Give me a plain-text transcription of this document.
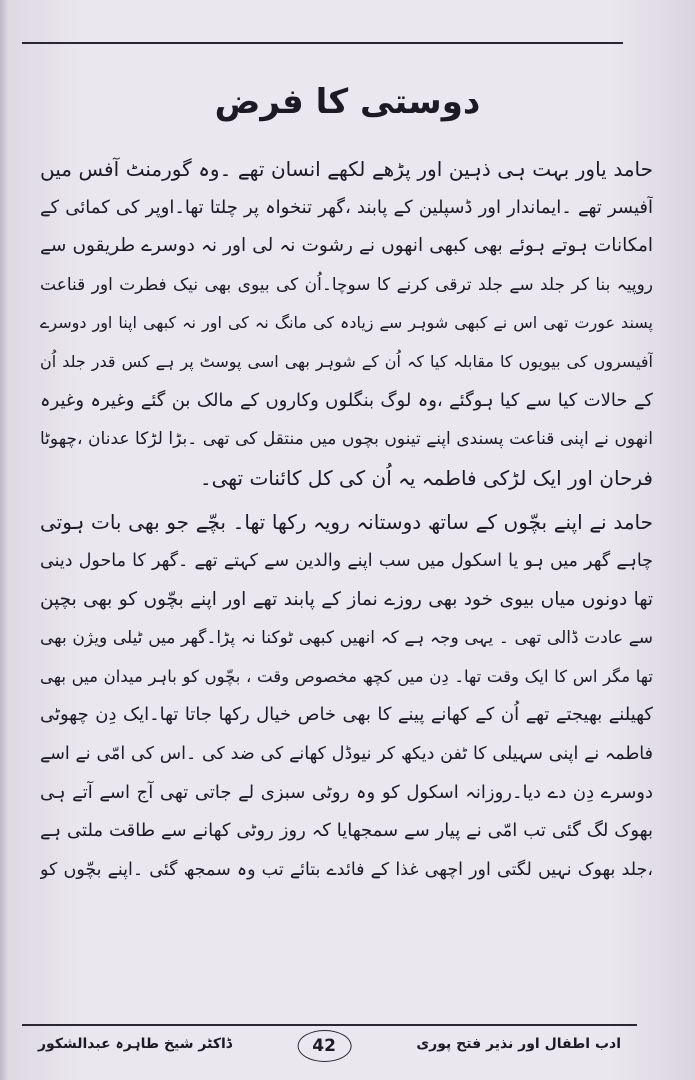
دوستی کا فرض
حامد یاور بہت ہی ذہین اور پڑھے لکھے انسان تھے ۔وہ گورمنٹ آفس میں
آفیسر تھے ۔ایماندار اور ڈسپلین کے پابند ،گھر تنخواہ پر چلتا تھا۔اوپر کی کمائی کے
امکانات ہوتے ہوئے بھی کبھی انھوں نے رشوت نہ لی اور نہ دوسرے طریقوں سے
روپیہ بنا کر جلد سے جلد ترقی کرنے کا سوچا۔اُن کی بیوی بھی نیک فطرت اور قناعت
پسند عورت تھی اس نے کبھی شوہر سے زیادہ کی مانگ نہ کی اور نہ کبھی اپنا اور دوسرے
آفیسروں کی بیویوں کا مقابلہ کیا کہ اُن کے شوہر بھی اسی پوسٹ پر ہے کس قدر جلد اُن
کے حالات کیا سے کیا ہوگئے ،وہ لوگ بنگلوں وکاروں کے مالک بن گئے وغیرہ وغیرہ
انھوں نے اپنی قناعت پسندی اپنے تینوں بچوں میں منتقل کی تھی ۔بڑا لڑکا عدنان ،چھوٹا
فرحان اور ایک لڑکی فاطمہ یہ اُن کی کل کائنات تھی۔
حامد نے اپنے بچّوں کے ساتھ دوستانہ رویہ رکھا تھا۔ بچّے جو بھی بات ہوتی
چاہے گھر میں ہو یا اسکول میں سب اپنے والدین سے کہتے تھے ۔گھر کا ماحول دینی
تھا دونوں میاں بیوی خود بھی روزے نماز کے پابند تھے اور اپنے بچّوں کو بھی بچپن
سے عادت ڈالی تھی ۔ یہی وجہ ہے کہ انھیں کبھی ٹوکنا نہ پڑا۔گھر میں ٹیلی ویژن بھی
تھا مگر اس کا ایک وقت تھا۔ دِن میں کچھ مخصوص وقت ، بچّوں کو باہر میدان میں بھی
کھیلنے بھیجتے تھے اُن کے کھانے پینے کا بھی خاص خیال رکھا جاتا تھا۔ایک دِن چھوٹی
فاطمہ نے اپنی سہیلی کا ٹفن دیکھ کر نیوڈل کھانے کی ضد کی ۔اس کی امّی نے اسے
دوسرے دِن دے دیا۔روزانہ اسکول کو وہ روٹی سبزی لے جاتی تھی آج اسے آتے ہی
بھوک لگ گئی تب امّی نے پیار سے سمجھایا کہ روز روٹی کھانے سے طاقت ملتی ہے
،جلد بھوک نہیں لگتی اور اچھی غذا کے فائدے بتائے تب وہ سمجھ گئی ۔اپنے بچّوں کو
ڈاکٹر شیخ طاہرہ عبدالشکور	42	ادب اطفال اور نذیر فتح پوری
